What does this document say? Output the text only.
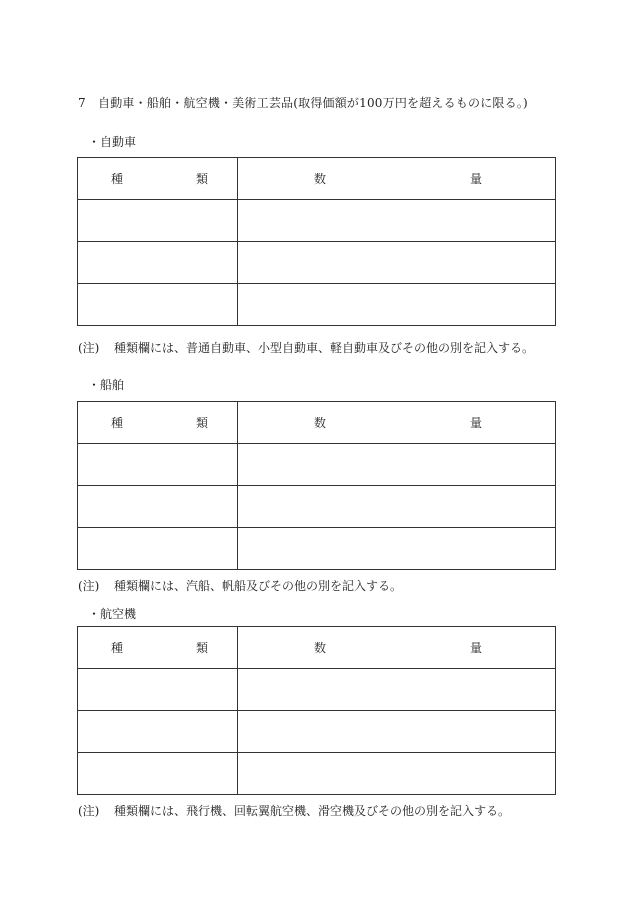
7　自動車・船舶・航空機・美術工芸品(取得価額が100万円を超えるものに限る。)
・自動車
種 類	数 量

(注) 種類欄には、普通自動車、小型自動車、軽自動車及びその他の別を記入する。
・船舶
種 類	数 量

(注) 種類欄には、汽船、帆船及びその他の別を記入する。
・航空機
種 類	数 量

(注) 種類欄には、飛行機、回転翼航空機、滑空機及びその他の別を記入する。
